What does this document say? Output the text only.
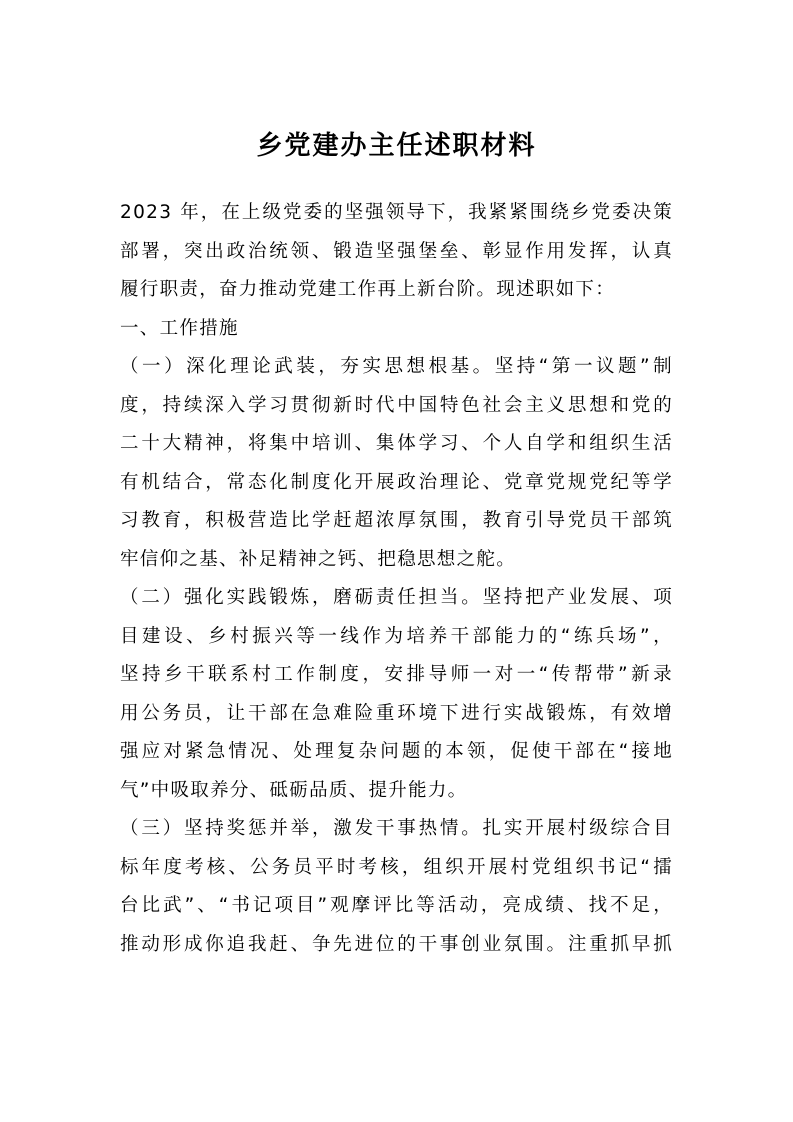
乡党建办主任述职材料
2023 年，在上级党委的坚强领导下，我紧紧围绕乡党委决策
部署，突出政治统领、锻造坚强堡垒、彰显作用发挥，认真
履行职责，奋力推动党建工作再上新台阶。现述职如下：
一、工作措施
（一）深化理论武装，夯实思想根基。坚持“第一议题”制
度，持续深入学习贯彻新时代中国特色社会主义思想和党的
二十大精神，将集中培训、集体学习、个人自学和组织生活
有机结合，常态化制度化开展政治理论、党章党规党纪等学
习教育，积极营造比学赶超浓厚氛围，教育引导党员干部筑
牢信仰之基、补足精神之钙、把稳思想之舵。
（二）强化实践锻炼，磨砺责任担当。坚持把产业发展、项
目建设、乡村振兴等一线作为培养干部能力的“练兵场”，
坚持乡干联系村工作制度，安排导师一对一“传帮带”新录
用公务员，让干部在急难险重环境下进行实战锻炼，有效增
强应对紧急情况、处理复杂问题的本领，促使干部在“接地
气”中吸取养分、砥砺品质、提升能力。
（三）坚持奖惩并举，激发干事热情。扎实开展村级综合目
标年度考核、公务员平时考核，组织开展村党组织书记“擂
台比武”、“书记项目”观摩评比等活动，亮成绩、找不足，
推动形成你追我赶、争先进位的干事创业氛围。注重抓早抓
